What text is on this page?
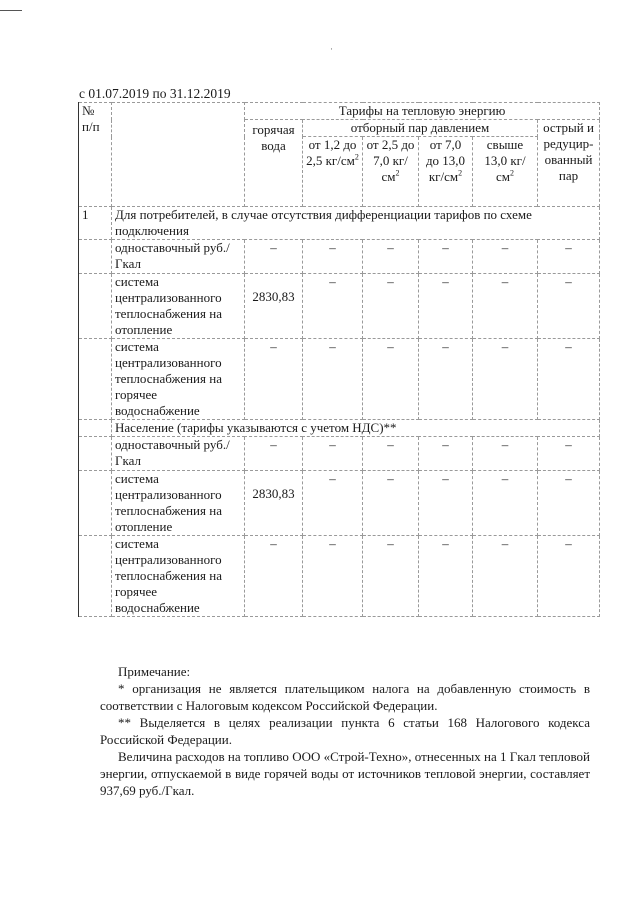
·
с 01.07.2019 по 31.12.2019
№
п/п		Тарифы на тепловую энергию					
		горячая вода	отборный пар давлением				острый и редуцир-ованный пар
			от 1,2 до 2,5 $кг/см^2$	от 2,5 до 7,0 $кг/см^2$	от 7,0 до 13,0 $кг/см^2$	свыше 13,0 $кг/см^2$
1	Для потребителей, в случае отсутствия дифференциации тарифов по схеме подключения						
	одноставочный руб./Гкал	–	–	–	–	–	–
	система централизованного теплоснабжения на отопление	2830,83	–	–	–	–	–
	система централизованного теплоснабжения на горячее водоснабжение	–	–	–	–	–	–
	Население (тарифы указываются с учетом НДС)**						
	одноставочный руб./Гкал	–	–	–	–	–	–
	система централизованного теплоснабжения на отопление	2830,83	–	–	–	–	–
	система централизованного теплоснабжения на горячее водоснабжение	–	–	–	–	–	–

Примечание:

* организация не является плательщиком налога на добавленную стоимость в соответствии с Налоговым кодексом Российской Федерации.

** Выделяется в целях реализации пункта 6 статьи 168 Налогового кодекса Российской Федерации.

Величина расходов на топливо ООО «Строй-Техно», отнесенных на 1 Гкал тепловой энергии, отпускаемой в виде горячей воды от источников тепловой энергии, составляет 937,69 руб./Гкал.
